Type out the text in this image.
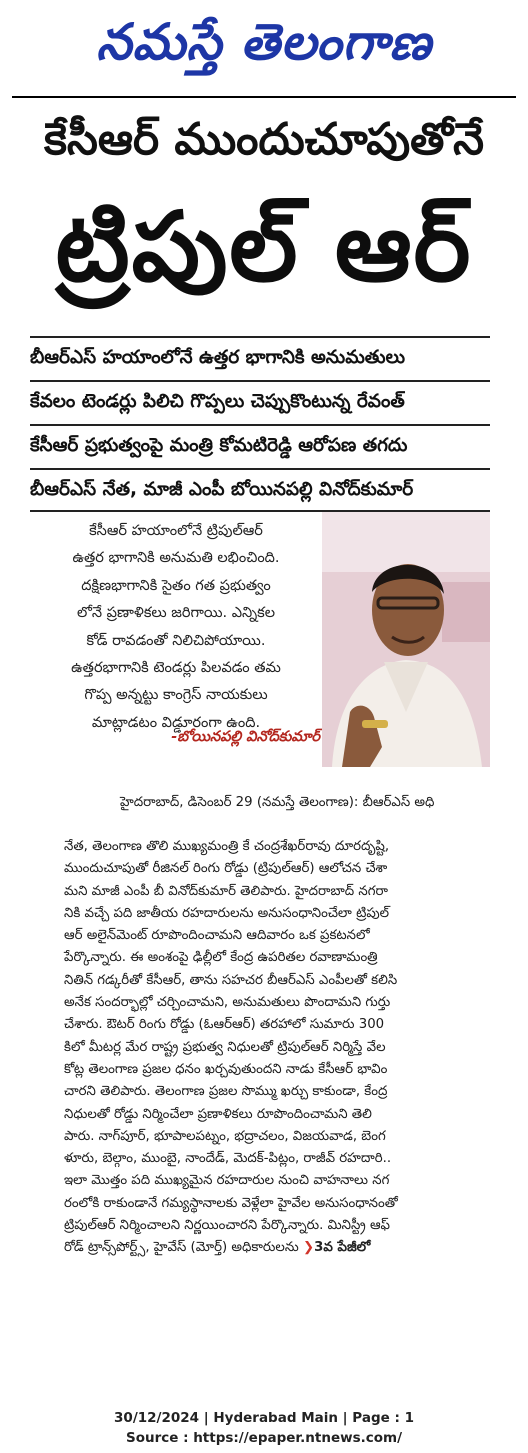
నమస్తే తెలంగాణ
కేసీఆర్ ముందుచూపుతోనే
ట్రిపుల్ ఆర్
బీఆర్ఎస్ హయాంలోనే ఉత్తర భాగానికి అనుమతులు
కేవలం టెండర్లు పిలిచి గొప్పలు చెప్పుకొంటున్న రేవంత్
కేసీఆర్ ప్రభుత్వంపై మంత్రి కోమటిరెడ్డి ఆరోపణ తగదు
బీఆర్ఎస్ నేత, మాజీ ఎంపీ బోయినపల్లి వినోద్‌కుమార్
కేసీఆర్ హయాంలోనే ట్రిపుల్ఆర్
ఉత్తర భాగానికి అనుమతి లభించింది.
దక్షిణభాగానికి సైతం గత ప్రభుత్వం
లోనే ప్రణాళికలు జరిగాయి. ఎన్నికల
కోడ్ రావడంతో నిలిచిపోయాయి.
ఉత్తరభాగానికి టెండర్లు పిలవడం తమ
గొప్ప అన్నట్టు కాంగ్రెస్ నాయకులు
మాట్లాడటం విడ్డూరంగా ఉంది.
-బోయినపల్లి వినోద్‌కుమార్
హైదరాబాద్, డిసెంబర్ 29 (నమస్తే తెలంగాణ): బీఆర్ఎస్ అధి
నేత, తెలంగాణ తొలి ముఖ్యమంత్రి కే చంద్రశేఖర్‌రావు దూరదృష్టి,
ముందుచూపుతో రీజినల్ రింగు రోడ్డు (ట్రిపుల్ఆర్) ఆలోచన చేశా
మని మాజీ ఎంపీ బీ వినోద్‌కుమార్ తెలిపారు. హైదరాబాద్ నగరా
నికి వచ్చే పది జాతీయ రహదారులను అనుసంధానించేలా ట్రిపుల్
ఆర్ అలైన్‌మెంట్ రూపొందించామని ఆదివారం ఒక ప్రకటనలో
పేర్కొన్నారు. ఈ అంశంపై ఢిల్లీలో కేంద్ర ఉపరితల రవాణామంత్రి
నితిన్ గడ్కరీతో కేసీఆర్, తాను సహచర బీఆర్ఎస్ ఎంపీలతో కలిసి
అనేక సందర్భాల్లో చర్చించామని, అనుమతులు పొందామని గుర్తు
చేశారు. ఔటర్ రింగు రోడ్డు (ఓఆర్ఆర్) తరహాలో సుమారు 300
కిలో మీటర్ల మేర రాష్ట్ర ప్రభుత్వ నిధులతో ట్రిపుల్ఆర్ నిర్మిస్తే వేల
కోట్ల తెలంగాణ ప్రజల ధనం ఖర్చవుతుందని నాడు కేసీఆర్ భావిం
చారని తెలిపారు. తెలంగాణ ప్రజల సొమ్ము ఖర్చు కాకుండా, కేంద్ర
నిధులతో రోడ్డు నిర్మించేలా ప్రణాళికలు రూపొందించామని తెలి
పారు. నాగ్‌పూర్, భూపాలపట్నం, భద్రాచలం, విజయవాడ, బెంగ
ళూరు, బెల్గాం, ముంబై, నాందేడ్, మెదక్-పిట్లం, రాజీవ్ రహదారి..
ఇలా మొత్తం పది ముఖ్యమైన రహదారుల నుంచి వాహనాలు నగ
రంలోకి రాకుండానే గమ్యస్థానాలకు వెళ్లేలా హైవేల అనుసంధానంతో
ట్రిపుల్ఆర్ నిర్మించాలని నిర్ణయించారని పేర్కొన్నారు. మినిస్ట్రీ ఆఫ్
రోడ్ ట్రాన్స్‌పోర్ట్స్, హైవేస్ (మోర్త్) అధికారులను ❯3వ పేజీలో
30/12/2024 | Hyderabad Main | Page : 1
Source : https://epaper.ntnews.com/
